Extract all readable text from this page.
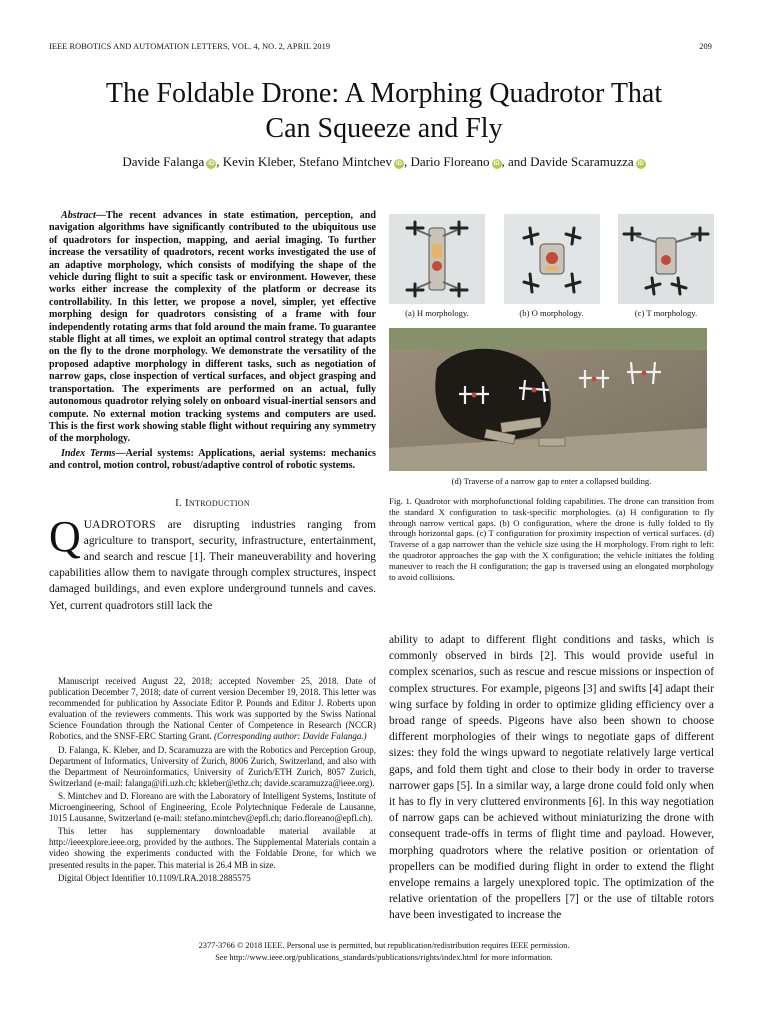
IEEE ROBOTICS AND AUTOMATION LETTERS, VOL. 4, NO. 2, APRIL 2019	209
The Foldable Drone: A Morphing Quadrotor That
Can Squeeze and Fly
Davide Falanga iD , Kevin Kleber, Stefano Mintchev iD , Dario Floreano iD , and Davide Scaramuzza iD

Abstract—The recent advances in state estimation, perception, and navigation algorithms have significantly contributed to the ubiquitous use of quadrotors for inspection, mapping, and aerial imaging. To further increase the versatility of quadrotors, recent works investigated the use of an adaptive morphology, which consists of modifying the shape of the vehicle during flight to suit a specific task or environment. However, these works either increase the complexity of the platform or decrease its controllability. In this letter, we propose a novel, simpler, yet effective morphing design for quadrotors consisting of a frame with four independently rotating arms that fold around the main frame. To guarantee stable flight at all times, we exploit an optimal control strategy that adapts on the fly to the drone morphology. We demonstrate the versatility of the proposed adaptive morphology in different tasks, such as negotiation of narrow gaps, close inspection of vertical surfaces, and object grasping and transportation. The experiments are performed on an actual, fully autonomous quadrotor relying solely on onboard visual-inertial sensors and compute. No external motion tracking systems and computers are used. This is the first work showing stable flight without requiring any symmetry of the morphology.

Index Terms—Aerial systems: Applications, aerial systems: mechanics and control, motion control, robust/adaptive control of robotic systems.

I. Introduction

QUADROTORS are disrupting industries ranging from agriculture to transport, security, infrastructure, entertainment, and search and rescue [1]. Their maneuverability and hovering capabilities allow them to navigate through complex structures, inspect damaged buildings, and even explore underground tunnels and caves. Yet, current quadrotors still lack the

Manuscript received August 22, 2018; accepted November 25, 2018. Date of publication December 7, 2018; date of current version December 19, 2018. This letter was recommended for publication by Associate Editor P. Pounds and Editor J. Roberts upon evaluation of the reviewers comments. This work was supported by the Swiss National Science Foundation through the National Center of Competence in Research (NCCR) Robotics, and the SNSF-ERC Starting Grant. (Corresponding author: Davide Falanga.)

D. Falanga, K. Kleber, and D. Scaramuzza are with the Robotics and Perception Group, Department of Informatics, University of Zurich, 8006 Zurich, Switzerland, and also with the Department of Neuroinformatics, University of Zurich/ETH Zurich, 8057 Zurich, Switzerland (e-mail: falanga@ifi.uzh.ch; kkleber@ethz.ch; davide.scaramuzza@ieee.org).

S. Mintchev and D. Floreano are with the Laboratory of Intelligent Systems, Institute of Microengineering, School of Engineering, Ecole Polytechnique Federale de Lausanne, 1015 Lausanne, Switzerland (e-mail: stefano.mintchev@epfl.ch; dario.floreano@epfl.ch).

This letter has supplementary downloadable material available at http://ieeexplore.ieee.org, provided by the authors. The Supplemental Materials contain a video showing the experiments conducted with the Foldable Drone, for which we presented results in the paper. This material is 26.4 MB in size.

Digital Object Identifier 10.1109/LRA.2018.2885575

(a) H morphology.	(b) O morphology.	(c) T morphology.
(d) Traverse of a narrow gap to enter a collapsed building.

Fig. 1. Quadrotor with morphofunctional folding capabilities. The drone can transition from the standard X configuration to task-specific morphologies. (a) H configuration to fly through narrow vertical gaps. (b) O configuration, where the drone is fully folded to fly through horizontal gaps. (c) T configuration for proximity inspection of vertical surfaces. (d) Traverse of a gap narrower than the vehicle size using the H morphology. From right to left: the quadrotor approaches the gap with the X configuration; the vehicle initiates the folding maneuver to reach the H configuration; the gap is traversed using an elongated morphology to avoid collisions.

ability to adapt to different flight conditions and tasks, which is commonly observed in birds [2]. This would provide useful in complex scenarios, such as rescue and rescue missions or inspection of complex structures. For example, pigeons [3] and swifts [4] adapt their wing surface by folding in order to optimize gliding efficiency over a broad range of speeds. Pigeons have also been shown to choose different morphologies of their wings to negotiate gaps of different sizes: they fold the wings upward to negotiate relatively large vertical gaps, and fold them tight and close to their body in order to traverse narrower gaps [5]. In a similar way, a large drone could fold only when it has to fly in very cluttered environments [6]. In this way negotiation of narrow gaps can be achieved without miniaturizing the drone with consequent trade-offs in terms of flight time and payload. However, morphing quadrotors where the relative position or orientation of propellers can be modified during flight in order to extend the flight envelope remains a largely unexplored topic. The optimization of the relative orientation of the propellers [7] or the use of tiltable rotors have been investigated to increase the

2377-3766 © 2018 IEEE. Personal use is permitted, but republication/redistribution requires IEEE permission.
See http://www.ieee.org/publications_standards/publications/rights/index.html for more information.
